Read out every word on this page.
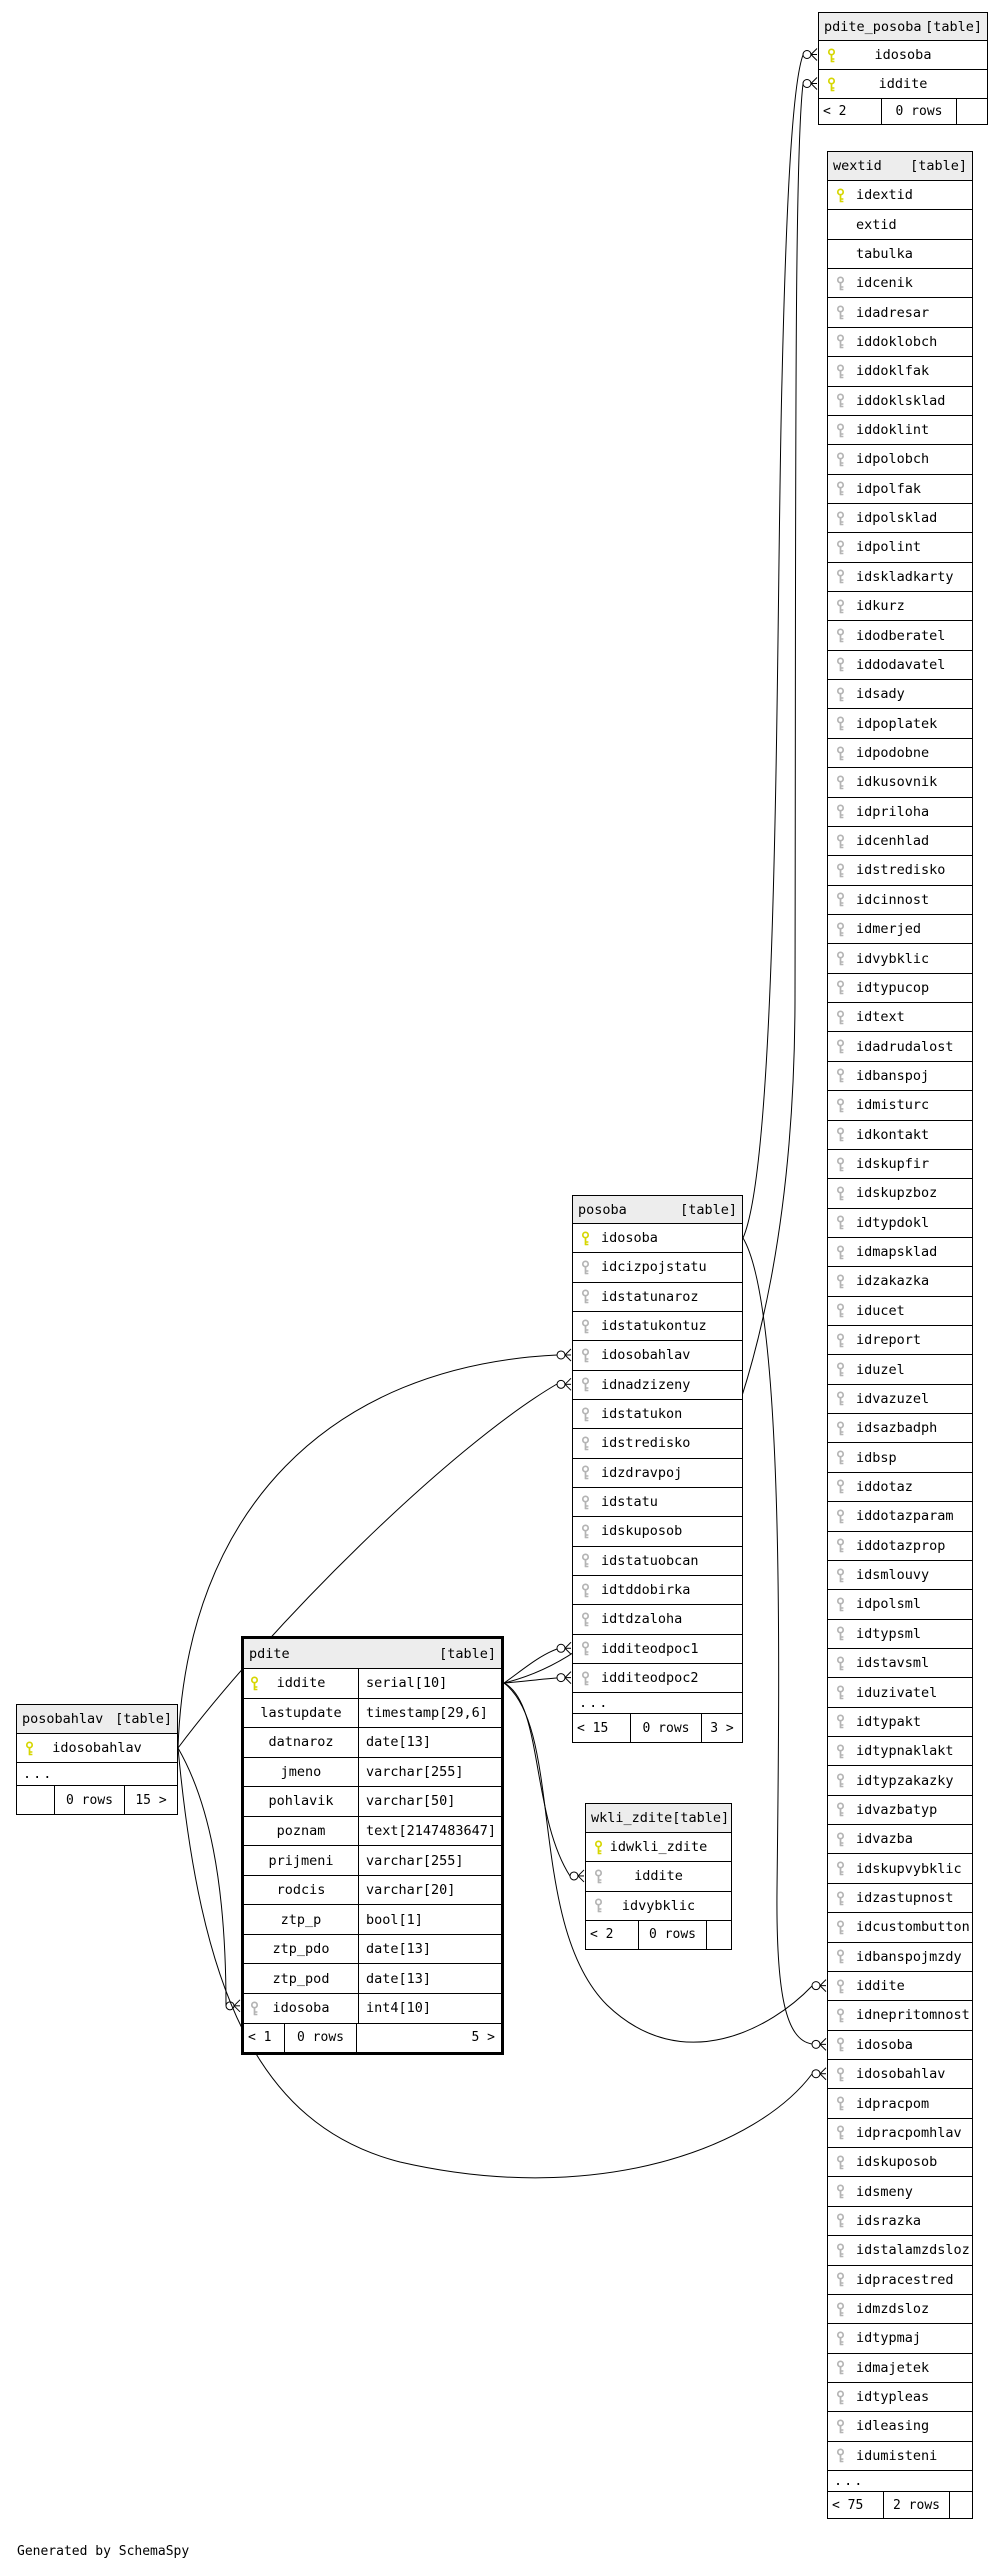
pdite_posoba [table]
idosoba
iddite
< 2	0 rows
wextid [table]
idextid
extid
tabulka
idcenik
idadresar
iddoklobch
iddoklfak
iddoklsklad
iddoklint
idpolobch
idpolfak
idpolsklad
idpolint
idskladkarty
idkurz
idodberatel
iddodavatel
idsady
idpoplatek
idpodobne
idkusovnik
idpriloha
idcenhlad
idstredisko
idcinnost
idmerjed
idvybklic
idtypucop
idtext
idadrudalost
idbanspoj
idmisturc
idkontakt
idskupfir
idskupzboz
idtypdokl
idmapsklad
idzakazka
iducet
idreport
iduzel
idvazuzel
idsazbadph
idbsp
iddotaz
iddotazparam
iddotazprop
idsmlouvy
idpolsml
idtypsml
idstavsml
iduzivatel
idtypakt
idtypnaklakt
idtypzakazky
idvazbatyp
idvazba
idskupvybklic
idzastupnost
idcustombutton
idbanspojmzdy
iddite
idnepritomnost
idosoba
idosobahlav
idpracpom
idpracpomhlav
idskuposob
idsmeny
idsrazka
idstalamzdsloz
idpracestred
idmzdsloz
idtypmaj
idmajetek
idtypleas
idleasing
idumisteni
...
< 75	2 rows
posoba	[table]
idosoba
idcizpojstatu
idstatunaroz
idstatukontuz
idosobahlav
idnadzizeny
idstatukon
idstredisko
idzdravpoj
idstatu
idskuposob
idstatuobcan
idtddobirka
idtdzaloha
idditeodpoc1
idditeodpoc2
...
< 15	0 rows	3 >
pdite	[table]
iddite	serial[10]
lastupdate timestamp[29,6]
datnaroz date[13]
jmeno	varchar[255]
pohlavik varchar[50]
poznam	text[2147483647]
prijmeni varchar[255]
rodcis	varchar[20]
ztp_p	bool[1]
ztp_pdo	date[13]
ztp_pod	date[13]
idosoba	int4[10]
< 1	0 rows	5 >
posobahlav [table]
idosobahlav
...
0 rows	15 >
wkli_zdite [table]
idwkli_zdite
iddite
idvybklic
< 2	0 rows
Generated by SchemaSpy
